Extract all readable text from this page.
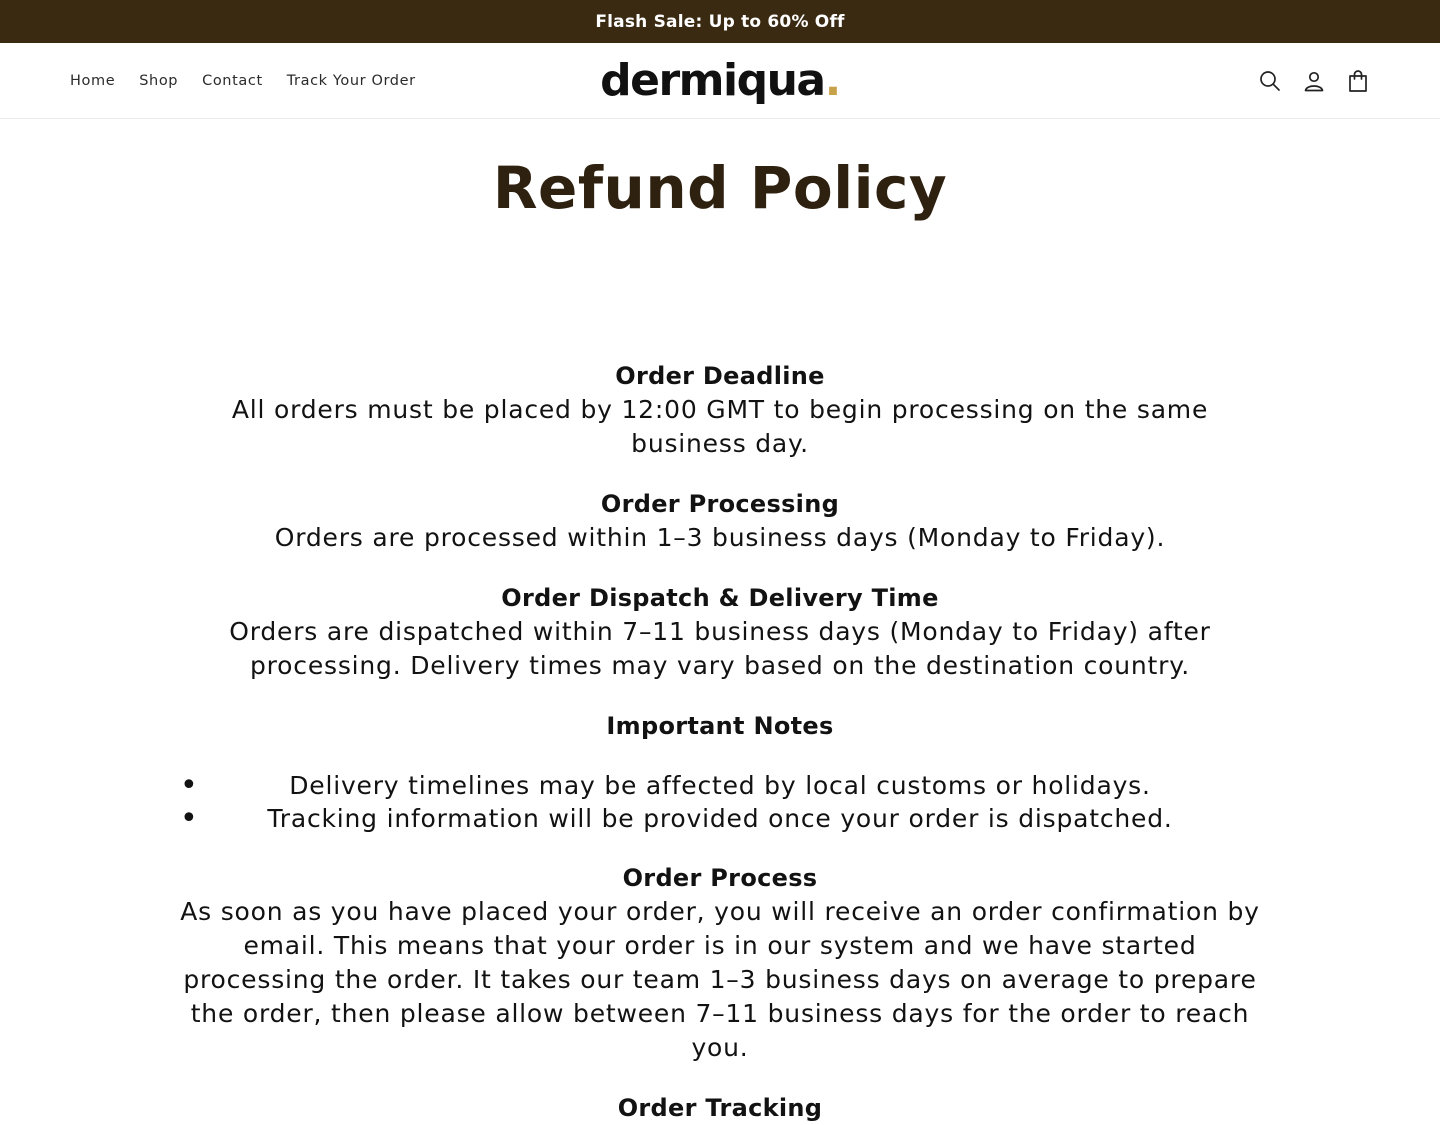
Flash Sale: Up to 60% Off
Home Shop Contact Track Your Order	dermiqua.
Refund Policy
Order Deadline

All orders must be placed by 12:00 GMT to begin processing on the same business day.

Order Processing

Orders are processed within 1–3 business days (Monday to Friday).

Order Dispatch & Delivery Time

Orders are dispatched within 7–11 business days (Monday to Friday) after processing. Delivery times may vary based on the destination country.

Important Notes
• Delivery timelines may be affected by local customs or holidays.
• Tracking information will be provided once your order is dispatched.
Order Process

As soon as you have placed your order, you will receive an order confirmation by email. This means that your order is in our system and we have started processing the order. It takes our team 1–3 business days on average to prepare the order, then please allow between 7–11 business days for the order to reach you.

Order Tracking
